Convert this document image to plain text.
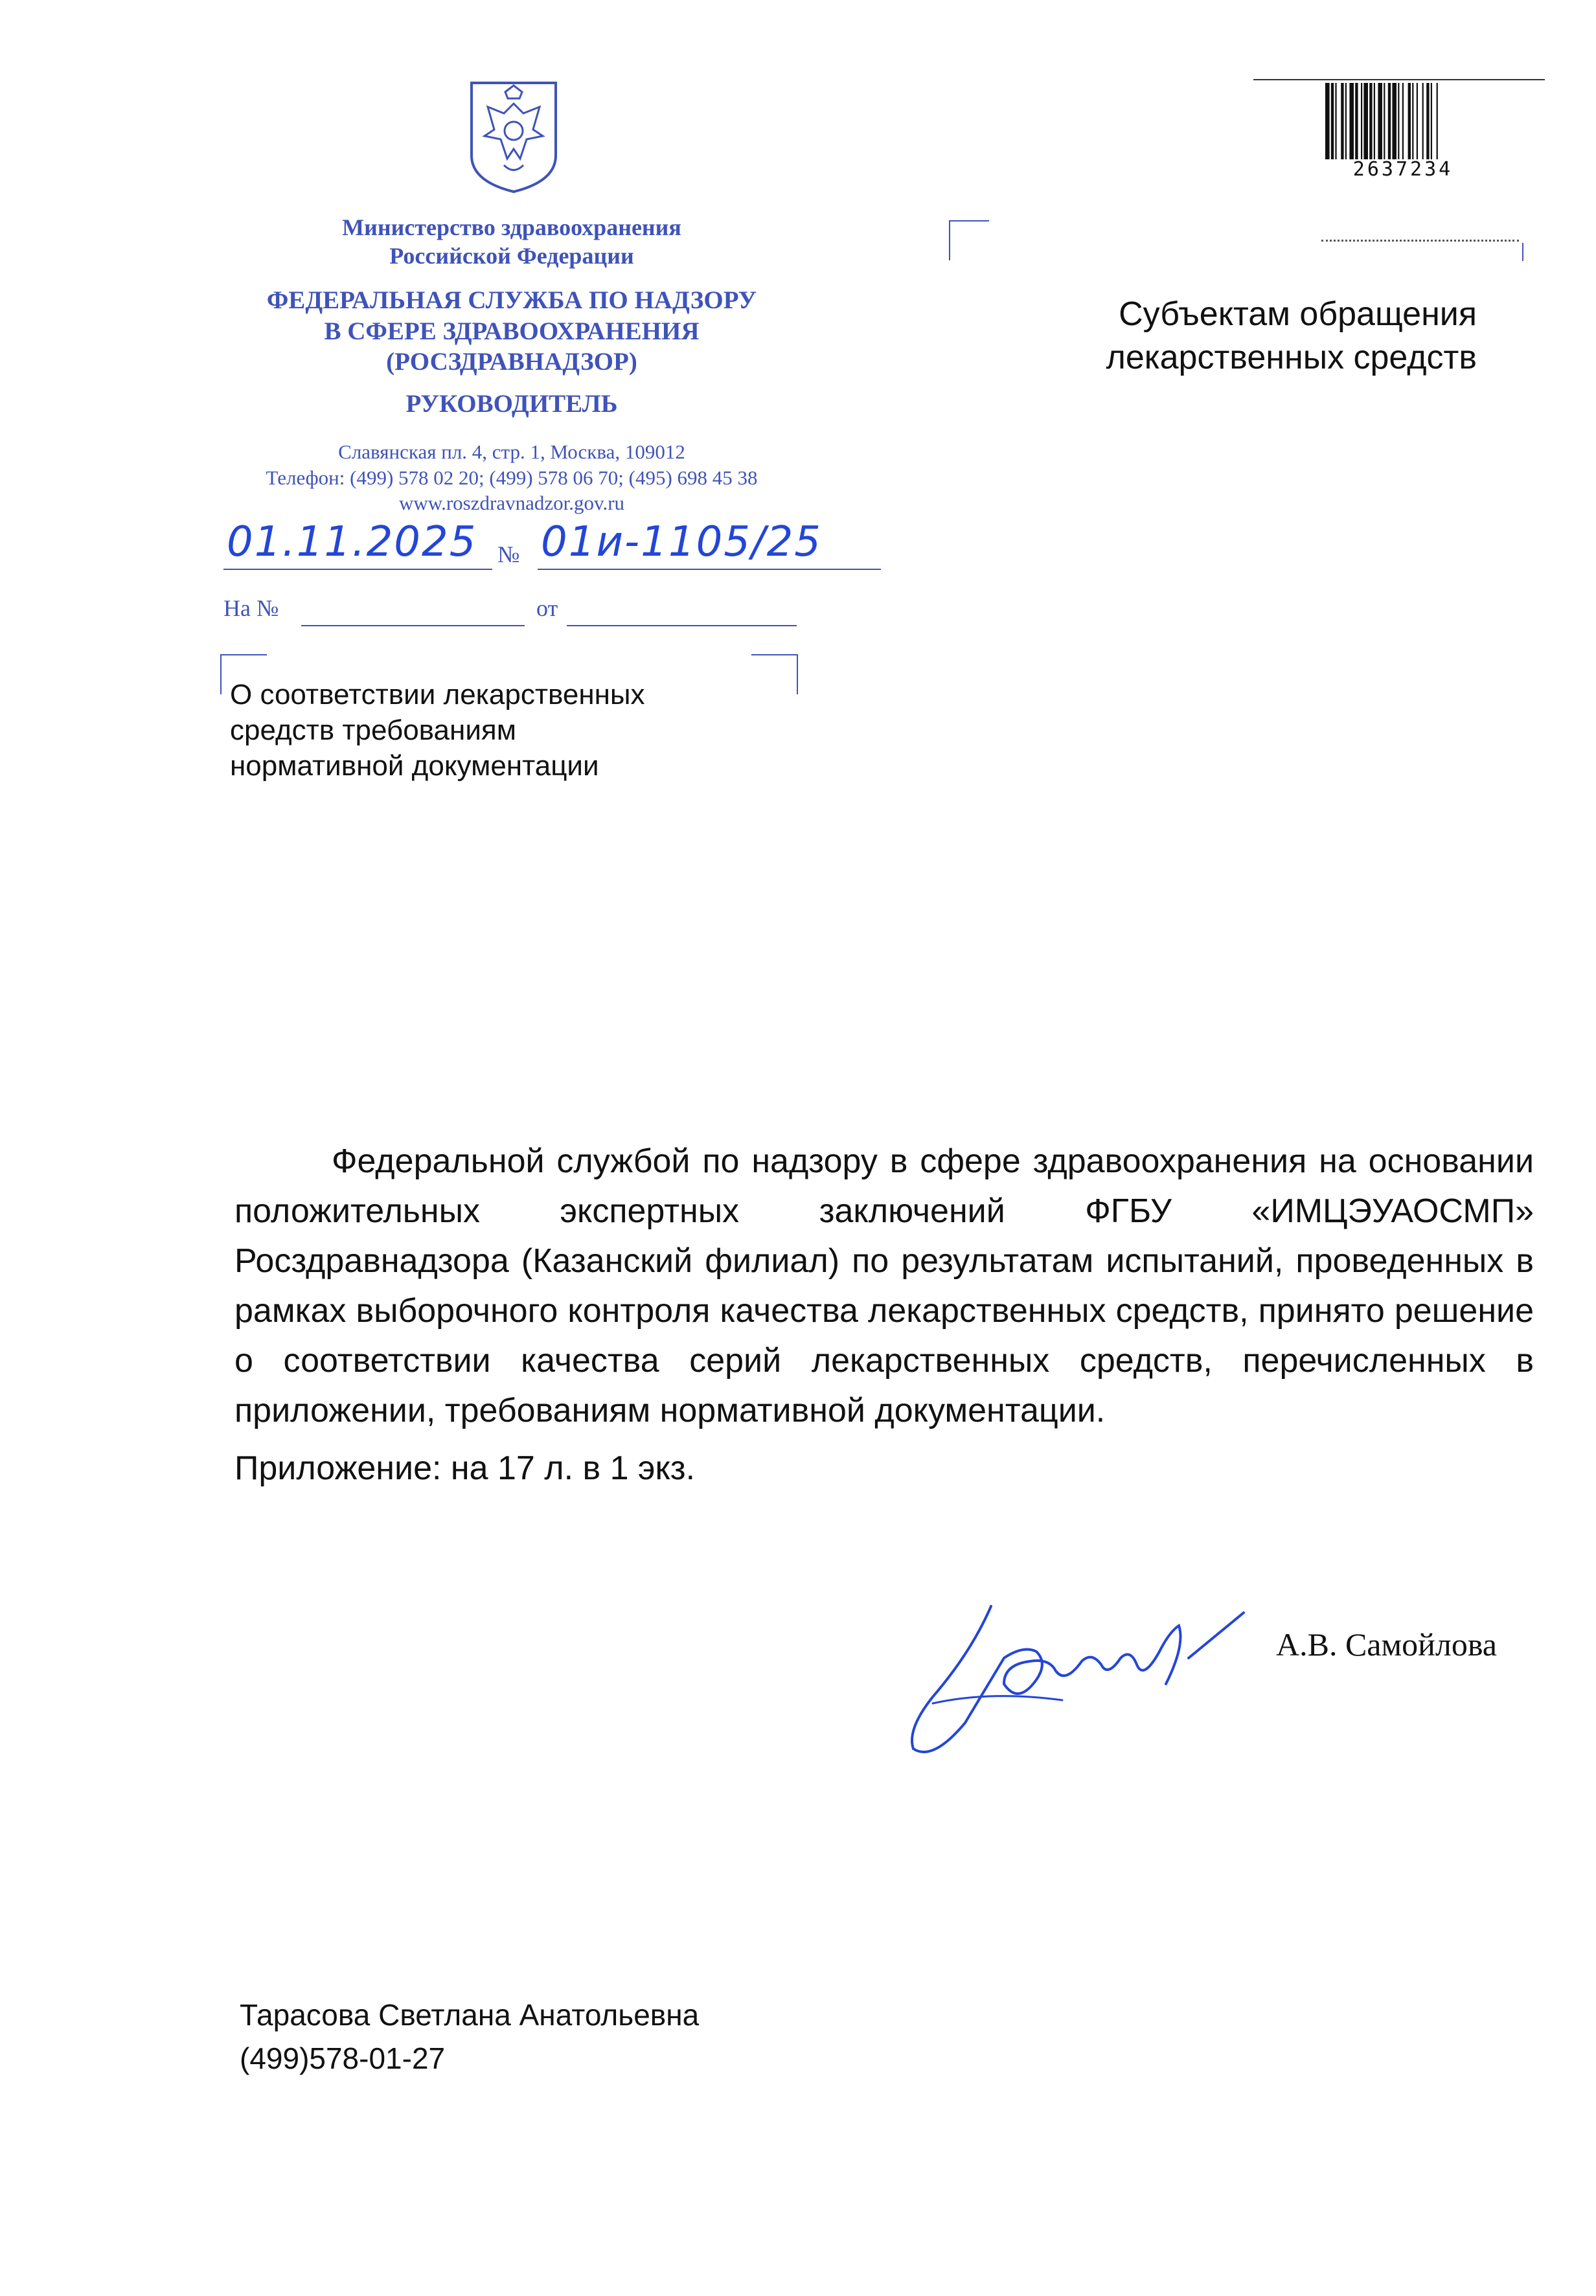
Министерство здравоохранения
Российской Федерации
ФЕДЕРАЛЬНАЯ СЛУЖБА ПО НАДЗОРУ
В СФЕРЕ ЗДРАВООХРАНЕНИЯ
(РОСЗДРАВНАДЗОР)
РУКОВОДИТЕЛЬ
Славянская пл. 4, стр. 1, Москва, 109012
Телефон: (499) 578 02 20; (499) 578 06 70; (495) 698 45 38
www.roszdravnadzor.gov.ru
01.11.2025 № 01и-1105/25
На №	от
О соответствии лекарственных
средств требованиям
нормативной документации
Субъектам обращения
лекарственных средств
2637234

Федеральной службой по надзору в сфере здравоохранения на основании положительных экспертных заключений ФГБУ «ИМЦЭУАОСМП» Росздравнадзора (Казанский филиал) по результатам испытаний, проведенных в рамках выборочного контроля качества лекарственных средств, принято решение о соответствии качества серий лекарственных средств, перечисленных в приложении, требованиям нормативной документации.

Приложение: на 17 л. в 1 экз.
А.В. Самойлова
Тарасова Светлана Анатольевна
(499)578-01-27
